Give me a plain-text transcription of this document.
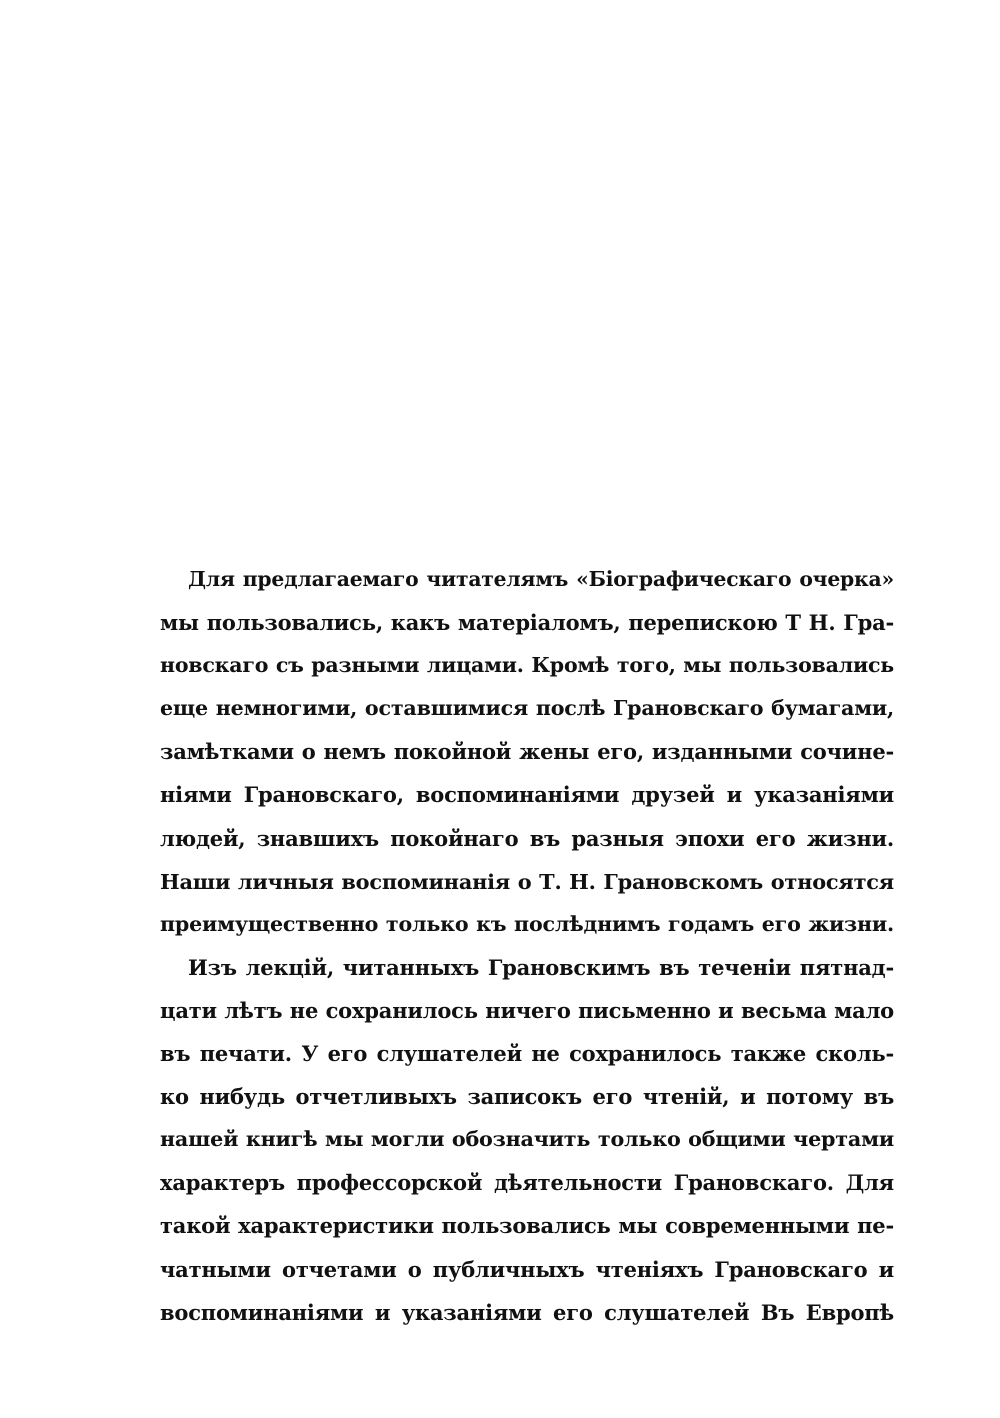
Для предлагаемаго читателямъ «Біографическаго очерка»
мы пользовались, какъ матеріаломъ, перепискою Т Н. Гра-
новскаго съ разными лицами. Кромѣ того, мы пользовались
еще немногими, оставшимися послѣ Грановскаго бумагами,
замѣтками о немъ покойной жены его, изданными сочине-
ніями Грановскаго, воспоминаніями друзей и указаніями
людей, знавшихъ покойнаго въ разныя эпохи его жизни.
Наши личныя воспоминанія о Т. Н. Грановскомъ относятся
преимущественно только къ послѣднимъ годамъ его жизни.
Изъ лекцій, читанныхъ Грановскимъ въ теченіи пятнад-
цати лѣтъ не сохранилось ничего письменно и весьма мало
въ печати. У его слушателей не сохранилось также сколь-
ко нибудь отчетливыхъ записокъ его чтеній, и потому въ
нашей книгѣ мы могли обозначить только общими чертами
характеръ профессорской дѣятельности Грановскаго. Для
такой характеристики пользовались мы современными пе-
чатными отчетами о публичныхъ чтеніяхъ Грановскаго и
воспоминаніями и указаніями его слушателей Въ Европѣ
